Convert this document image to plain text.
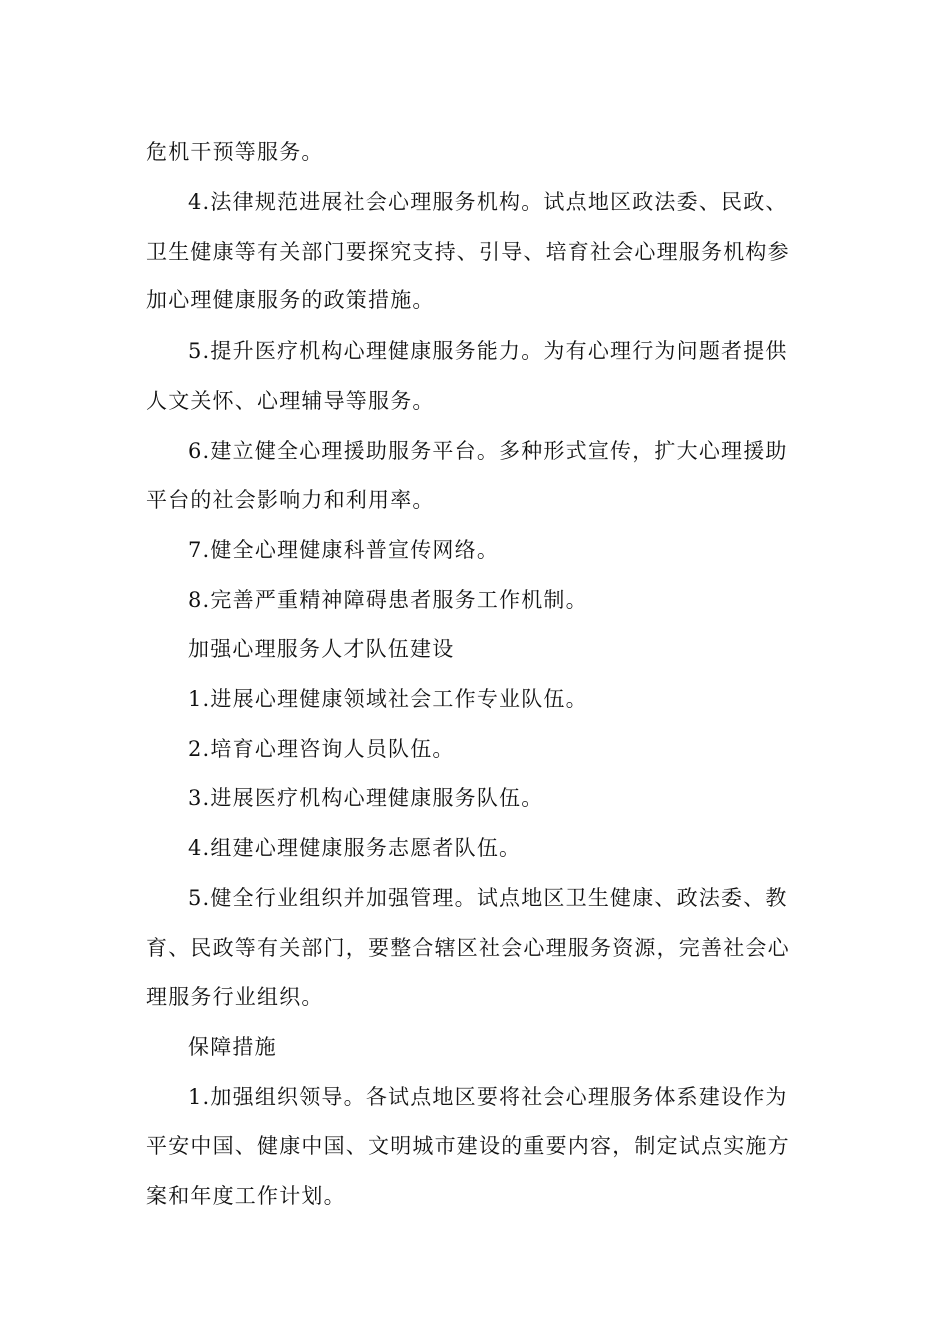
危机干预等服务。
4.法律规范进展社会心理服务机构。试点地区政法委、民政、
卫生健康等有关部门要探究支持、引导、培育社会心理服务机构参
加心理健康服务的政策措施。
5.提升医疗机构心理健康服务能力。为有心理行为问题者提供
人文关怀、心理辅导等服务。
6.建立健全心理援助服务平台。多种形式宣传，扩大心理援助
平台的社会影响力和利用率。
7.健全心理健康科普宣传网络。
8.完善严重精神障碍患者服务工作机制。
加强心理服务人才队伍建设
1.进展心理健康领域社会工作专业队伍。
2.培育心理咨询人员队伍。
3.进展医疗机构心理健康服务队伍。
4.组建心理健康服务志愿者队伍。
5.健全行业组织并加强管理。试点地区卫生健康、政法委、教
育、民政等有关部门，要整合辖区社会心理服务资源，完善社会心
理服务行业组织。
保障措施
1.加强组织领导。各试点地区要将社会心理服务体系建设作为
平安中国、健康中国、文明城市建设的重要内容，制定试点实施方
案和年度工作计划。
